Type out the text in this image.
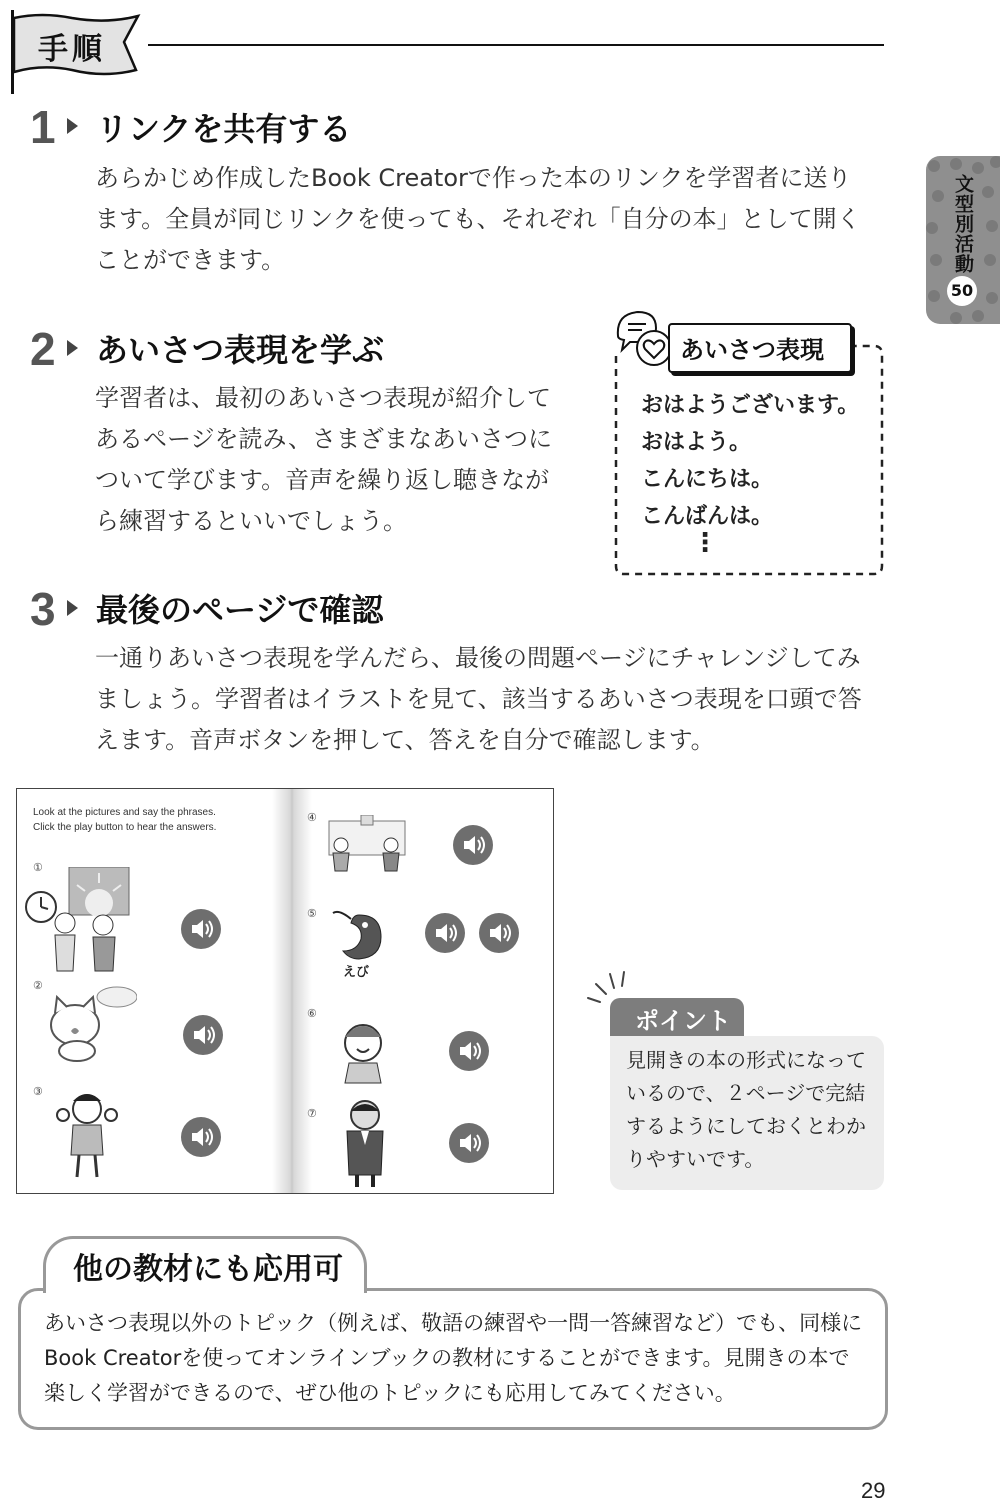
手順
文型別活動
50
1 リンクを共有する
あらかじめ作成したBook Creatorで作った本のリンクを学習者に送り
ます。全員が同じリンクを使っても、それぞれ「自分の本」として開く
ことができます。
2 あいさつ表現を学ぶ
学習者は、最初のあいさつ表現が紹介して
あるページを読み、さまざまなあいさつに
ついて学びます。音声を繰り返し聴きなが
ら練習するといいでしょう。
あいさつ表現
おはようございます。
おはよう。
こんにちは。
こんばんは。
⋮
3 最後のページで確認
一通りあいさつ表現を学んだら、最後の問題ページにチャレンジしてみ
ましょう。学習者はイラストを見て、該当するあいさつ表現を口頭で答
えます。音声ボタンを押して、答えを自分で確認します。
Look at the pictures and say the phrases.
Click the play button to hear the answers.
①
②
③
④
⑤
⑥
⑦
えび
ポイント
見開きの本の形式になって
いるので、２ページで完結
するようにしておくとわか
りやすいです。
他の教材にも応用可
あいさつ表現以外のトピック（例えば、敬語の練習や一問一答練習など）でも、同様に
Book Creatorを使ってオンラインブックの教材にすることができます。見開きの本で
楽しく学習ができるので、ぜひ他のトピックにも応用してみてください。
29
